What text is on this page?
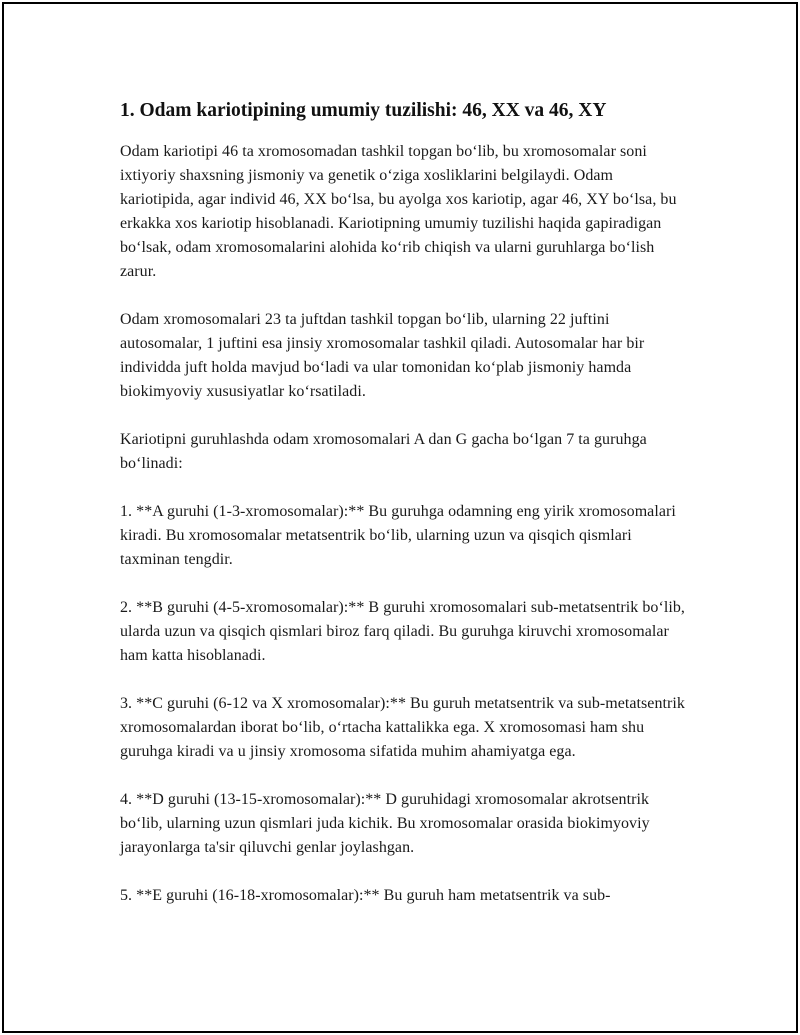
1. Odam kariotipining umumiy tuzilishi: 46, XX va 46, XY

Odam kariotipi 46 ta xromosomadan tashkil topgan boʻlib, bu xromosomalar soni ixtiyoriy shaxsning jismoniy va genetik oʻziga xosliklarini belgilaydi. Odam kariotipida, agar individ 46, XX boʻlsa, bu ayolga xos kariotip, agar 46, XY boʻlsa, bu erkakka xos kariotip hisoblanadi. Kariotipning umumiy tuzilishi haqida gapiradigan boʻlsak, odam xromosomalarini alohida koʻrib chiqish va ularni guruhlarga boʻlish zarur.

Odam xromosomalari 23 ta juftdan tashkil topgan boʻlib, ularning 22 juftini autosomalar, 1 juftini esa jinsiy xromosomalar tashkil qiladi. Autosomalar har bir individda juft holda mavjud boʻladi va ular tomonidan koʻplab jismoniy hamda biokimyoviy xususiyatlar koʻrsatiladi.

Kariotipni guruhlashda odam xromosomalari A dan G gacha boʻlgan 7 ta guruhga boʻlinadi:

1. **A guruhi (1-3-xromosomalar):** Bu guruhga odamning eng yirik xromosomalari kiradi. Bu xromosomalar metatsentrik boʻlib, ularning uzun va qisqich qismlari taxminan tengdir.

2. **B guruhi (4-5-xromosomalar):** B guruhi xromosomalari sub-metatsentrik boʻlib, ularda uzun va qisqich qismlari biroz farq qiladi. Bu guruhga kiruvchi xromosomalar ham katta hisoblanadi.

3. **C guruhi (6-12 va X xromosomalar):** Bu guruh metatsentrik va sub-metatsentrik xromosomalardan iborat boʻlib, oʻrtacha kattalikka ega. X xromosomasi ham shu guruhga kiradi va u jinsiy xromosoma sifatida muhim ahamiyatga ega.

4. **D guruhi (13-15-xromosomalar):** D guruhidagi xromosomalar akrotsentrik boʻlib, ularning uzun qismlari juda kichik. Bu xromosomalar orasida biokimyoviy jarayonlarga ta'sir qiluvchi genlar joylashgan.

5. **E guruhi (16-18-xromosomalar):** Bu guruh ham metatsentrik va sub-
